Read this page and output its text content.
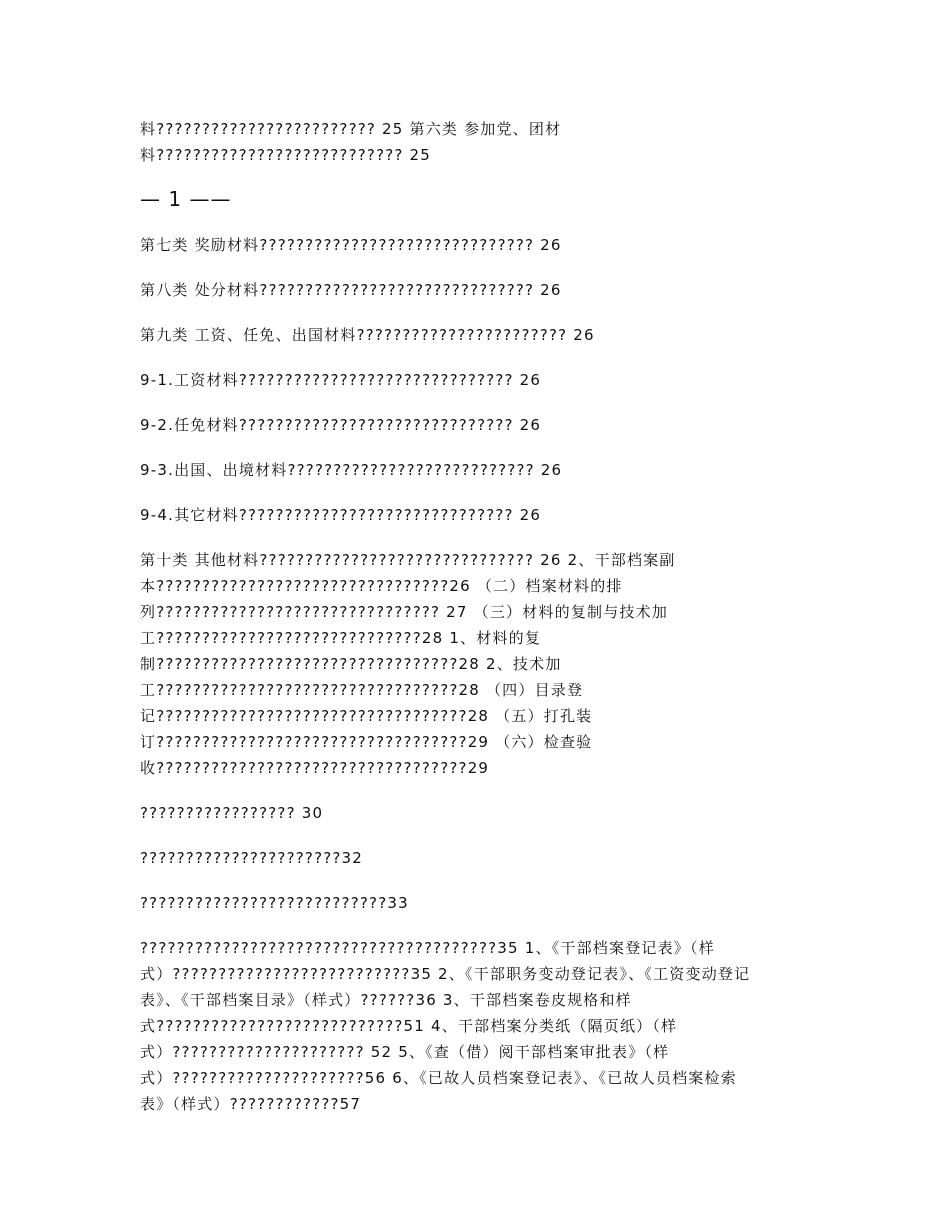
料???????????????????????? 25 第六类 参加党、团材

料??????????????????????????? 25

— 1 ——

第七类 奖励材料?????????????????????????????? 26

第八类 处分材料?????????????????????????????? 26

第九类 工资、任免、出国材料??????????????????????? 26

9-1.工资材料?????????????????????????????? 26

9-2.任免材料?????????????????????????????? 26

9-3.出国、出境材料??????????????????????????? 26

9-4.其它材料?????????????????????????????? 26

第十类 其他材料?????????????????????????????? 26 2、干部档案副

本????????????????????????????????26 （二）档案材料的排

列??????????????????????????????? 27 （三）材料的复制与技术加

工?????????????????????????????28 1、材料的复

制?????????????????????????????????28 2、技术加

工?????????????????????????????????28 （四）目录登

记??????????????????????????????????28 （五）打孔装

订??????????????????????????????????29 （六）检查验

收??????????????????????????????????29

????????????????? 30

??????????????????????32

???????????????????????????33

???????????????????????????????????????35 1、《干部档案登记表》（样

式）??????????????????????????35 2、《干部职务变动登记表》、《工资变动登记

表》、《干部档案目录》（样式）??????36 3、干部档案卷皮规格和样

式???????????????????????????51 4、干部档案分类纸（隔页纸）（样

式）????????????????????? 52 5、《查（借）阅干部档案审批表》（样

式）?????????????????????56 6、《已故人员档案登记表》、《已故人员档案检索

表》（样式）????????????57
